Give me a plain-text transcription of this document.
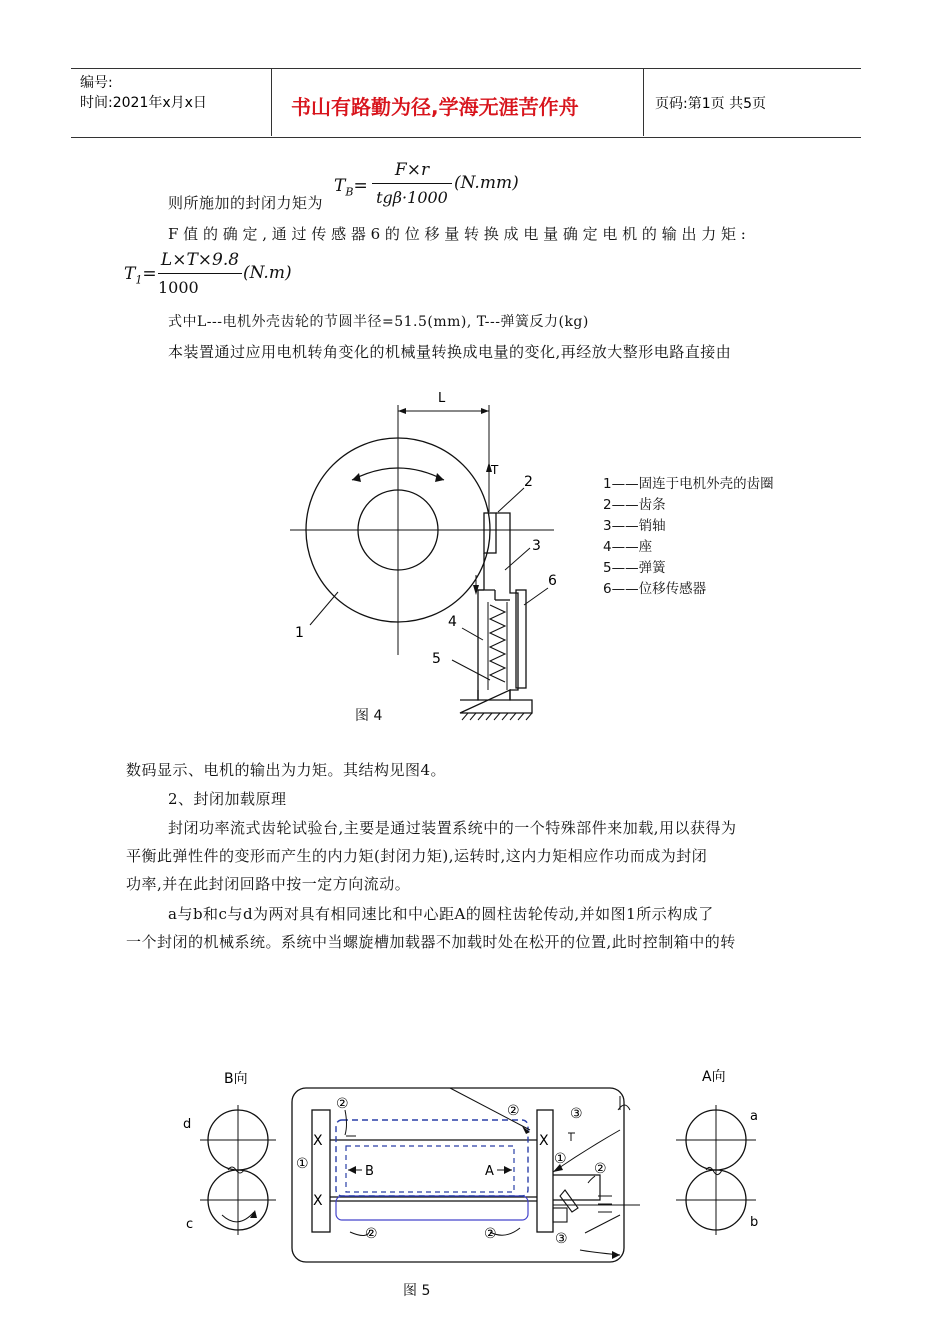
编号:
时间:2021年x月x日	书山有路勤为径,学海无涯苦作舟	页码:第1页 共5页
$T_B=$
F×r
tgβ·1000
(N.mm)
则所施加的封闭力矩为
F 值 的 确 定 , 通 过 传 感 器 6 的 位 移 量 转 换 成 电 量 确 定 电 机 的 输 出 力 矩 :
$T_1=$
L×T×9.8
1000
(N.m)
式中L---电机外壳齿轮的节圆半径=51.5(mm), T---弹簧反力(kg)
本装置通过应用电机转角变化的机械量转换成电量的变化,再经放大整形电路直接由
L
T
1
2
3
4
5
6
图 4
1——固连于电机外壳的齿圈
2——齿条
3——销轴
4——座
5——弹簧
6——位移传感器
数码显示、电机的输出为力矩。其结构见图4。
2、封闭加载原理
封闭功率流式齿轮试验台,主要是通过装置系统中的一个特殊部件来加载,用以获得为
平衡此弹性件的变形而产生的内力矩(封闭力矩),运转时,这内力矩相应作功而成为封闭
功率,并在此封闭回路中按一定方向流动。
a与b和c与d为两对具有相同速比和中心距A的圆柱齿轮传动,并如图1所示构成了
一个封闭的机械系统。系统中当螺旋槽加载器不加载时处在松开的位置,此时控制箱中的转
B向
d
c
X
X
X
B	A
②
①
②	③
①
②
②	②	③
A向
a
b
图 5
